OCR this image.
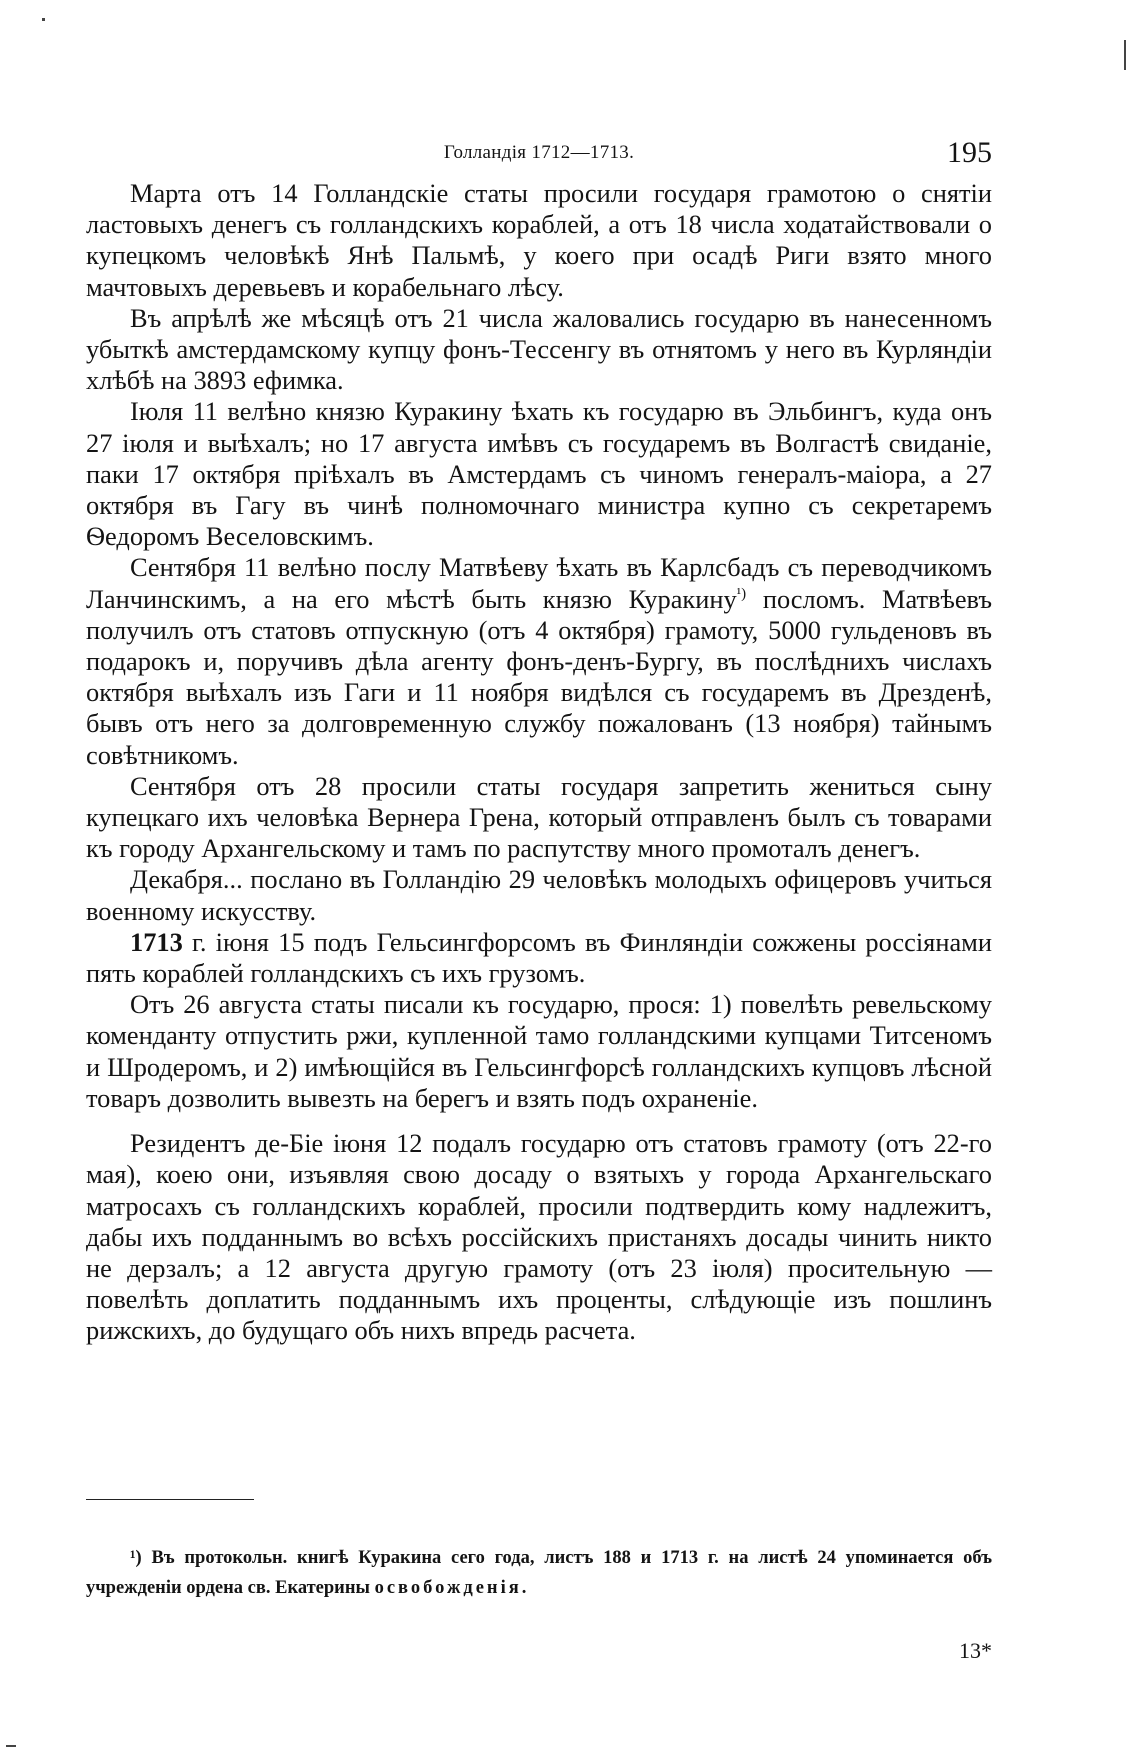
Голландія 1712—1713.	195

Марта отъ 14 Голландскіе статы просили государя грамотою о снятіи ластовыхъ денегъ съ голландскихъ кораблей, а отъ 18 числа ходатайствовали о купецкомъ человѣкѣ Янѣ Пальмѣ, у коего при осадѣ Риги взято много мачтовыхъ деревьевъ и корабельнаго лѣсу.

Въ апрѣлѣ же мѣсяцѣ отъ 21 числа жаловались государю въ нанесенномъ убыткѣ амстердамскому купцу фонъ-Тессенгу въ отнятомъ у него въ Курляндіи хлѣбѣ на 3893 ефимка.

Іюля 11 велѣно князю Куракину ѣхать къ государю въ Эльбингъ, куда онъ 27 іюля и выѣхалъ; но 17 августа имѣвъ съ государемъ въ Волгастѣ свиданіе, паки 17 октября пріѣхалъ въ Амстердамъ съ чиномъ генералъ-маіора, а 27 октября въ Гагу въ чинѣ полномочнаго министра купно съ секретаремъ Ѳедоромъ Веселовскимъ.

Сентября 11 велѣно послу Матвѣеву ѣхать въ Карлсбадъ съ переводчикомъ Ланчинскимъ, а на его мѣстѣ быть князю Куракину$^{^1)}$ посломъ. Матвѣевъ получилъ отъ статовъ отпускную (отъ 4 октября) грамоту, 5000 гульденовъ въ подарокъ и, поручивъ дѣла агенту фонъ-денъ-Бургу, въ послѣднихъ числахъ октября выѣхалъ изъ Гаги и 11 ноября видѣлся съ государемъ въ Дрезденѣ, бывъ отъ него за долговременную службу пожалованъ (13 ноября) тайнымъ совѣтникомъ.

Сентября отъ 28 просили статы государя запретить жениться сыну купецкаго ихъ человѣка Вернера Грена, который отправленъ былъ съ товарами къ городу Архангельскому и тамъ по распутству много промоталъ денегъ.

Декабря... послано въ Голландію 29 человѣкъ молодыхъ офицеровъ учиться военному искусству.

1713 г. іюня 15 подъ Гельсингфорсомъ въ Финляндіи сожжены россіянами пять кораблей голландскихъ съ ихъ грузомъ.

Отъ 26 августа статы писали къ государю, прося: 1) повелѣть ревельскому коменданту отпустить ржи, купленной тамо голландскими купцами Титсеномъ и Шродеромъ, и 2) имѣющійся въ Гельсингфорсѣ голландскихъ купцовъ лѣсной товаръ дозволить вывезть на берегъ и взять подъ охраненіе.

Резидентъ де-Біе іюня 12 подалъ государю отъ статовъ грамоту (отъ 22-го мая), коею они, изъявляя свою досаду о взятыхъ у города Архангельскаго матросахъ съ голландскихъ кораблей, просили подтвердить кому надлежитъ, дабы ихъ подданнымъ во всѣхъ россійскихъ пристаняхъ досады чинить никто не дерзалъ; а 12 августа другую грамоту (отъ 23 іюля) просительную — повелѣть доплатить подданнымъ ихъ проценты, слѣдующіе изъ пошлинъ рижскихъ, до будущаго объ нихъ впредь расчета.

¹) Въ протокольн. книгѣ Куракина сего года, листъ 188 и 1713 г. на листѣ 24 упоминается объ учрежденіи ордена св. Екатерины освобожденія.

13*
